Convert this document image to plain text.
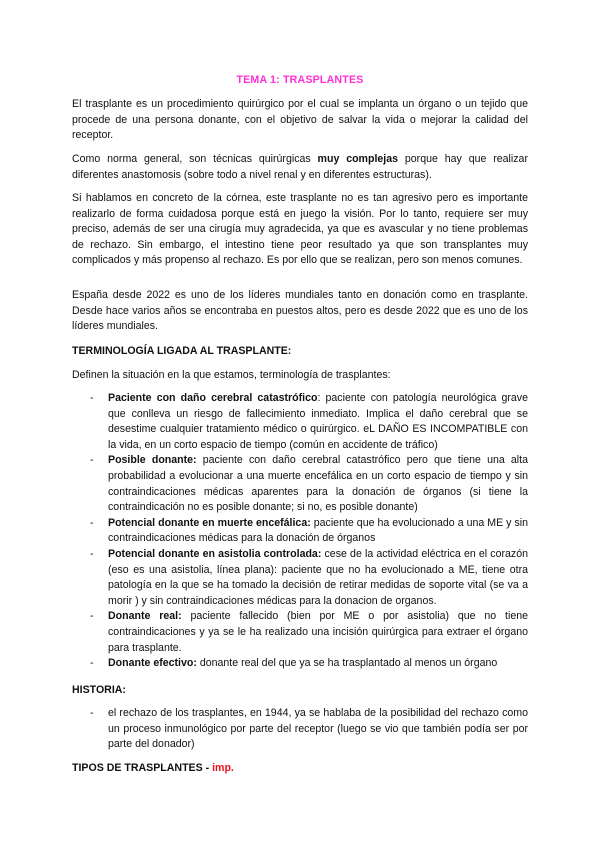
TEMA 1: TRASPLANTES

El trasplante es un procedimiento quirúrgico por el cual se implanta un órgano o un tejido que procede de una persona donante, con el objetivo de salvar la vida o mejorar la calidad del receptor.

Como norma general, son técnicas quirúrgicas muy complejas porque hay que realizar diferentes anastomosis (sobre todo a nivel renal y en diferentes estructuras).

Si hablamos en concreto de la córnea, este trasplante no es tan agresivo pero es importante realizarlo de forma cuidadosa porque está en juego la visión. Por lo tanto, requiere ser muy preciso, además de ser una cirugía muy agradecida, ya que es avascular y no tiene problemas de rechazo. Sin embargo, el intestino tiene peor resultado ya que son transplantes muy complicados y más propenso al rechazo. Es por ello que se realizan, pero son menos comunes.

España desde 2022 es uno de los líderes mundiales tanto en donación como en trasplante. Desde hace varios años se encontraba en puestos altos, pero es desde 2022 que es uno de los líderes mundiales.

TERMINOLOGÍA LIGADA AL TRASPLANTE:

Definen la situación en la que estamos, terminología de trasplantes:

- Paciente con daño cerebral catastrófico: paciente con patología neurológica grave que conlleva un riesgo de fallecimiento inmediato. Implica el daño cerebral que se desestime cualquier tratamiento médico o quirúrgico. eL DAÑO ES INCOMPATIBLE con la vida, en un corto espacio de tiempo (común en accidente de tráfico)
- Posible donante: paciente con daño cerebral catastrófico pero que tiene una alta probabilidad a evolucionar a una muerte encefálica en un corto espacio de tiempo y sin contraindicaciones médicas aparentes para la donación de órganos (si tiene la contraindicación no es posible donante; si no, es posible donante)
- Potencial donante en muerte encefálica: paciente que ha evolucionado a una ME y sin contraindicaciones médicas para la donación de órganos
- Potencial donante en asistolia controlada: cese de la actividad eléctrica en el corazón (eso es una asistolia, línea plana): paciente que no ha evolucionado a ME, tiene otra patología en la que se ha tomado la decisión de retirar medidas de soporte vital (se va a morir ) y sin contraindicaciones médicas para la donacion de organos.
- Donante real: paciente fallecido (bien por ME o por asistolia) que no tiene contraindicaciones y ya se le ha realizado una incisión quirúrgica para extraer el órgano para trasplante.
- Donante efectivo: donante real del que ya se ha trasplantado al menos un órgano

HISTORIA:

- el rechazo de los trasplantes, en 1944, ya se hablaba de la posibilidad del rechazo como un proceso inmunológico por parte del receptor (luego se vio que también podía ser por parte del donador)

TIPOS DE TRASPLANTES - imp.
